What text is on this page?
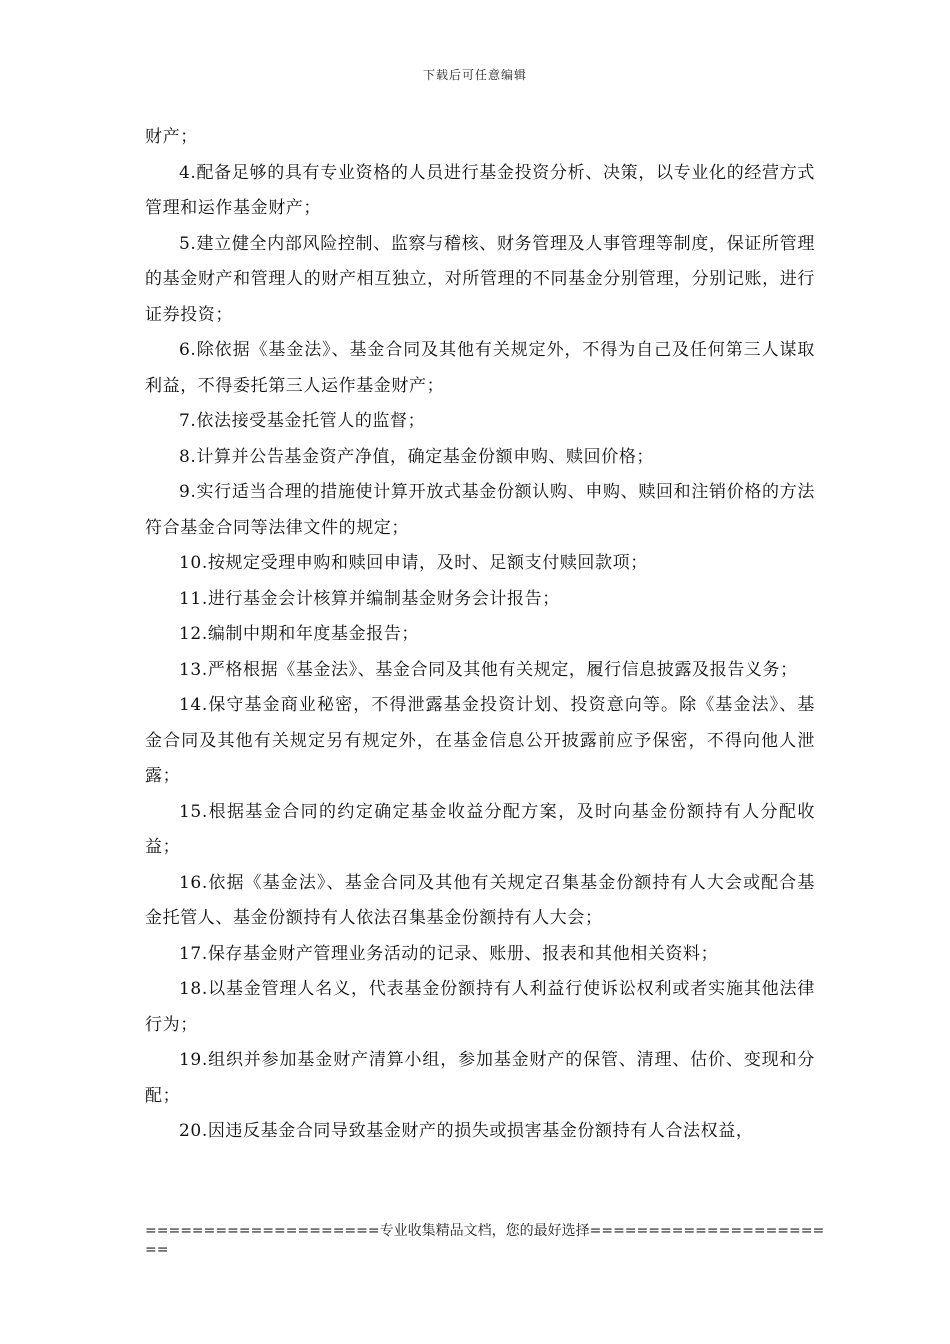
下载后可任意编辑

财产；

4.配备足够的具有专业资格的人员进行基金投资分析、决策，以专业化的经营方式管理和运作基金财产；

5.建立健全内部风险控制、监察与稽核、财务管理及人事管理等制度，保证所管理的基金财产和管理人的财产相互独立，对所管理的不同基金分别管理，分别记账，进行证券投资；

6.除依据《基金法》、基金合同及其他有关规定外，不得为自己及任何第三人谋取利益，不得委托第三人运作基金财产；

7.依法接受基金托管人的监督；

8.计算并公告基金资产净值，确定基金份额申购、赎回价格；

9.实行适当合理的措施使计算开放式基金份额认购、申购、赎回和注销价格的方法符合基金合同等法律文件的规定；

10.按规定受理申购和赎回申请，及时、足额支付赎回款项；

11.进行基金会计核算并编制基金财务会计报告；

12.编制中期和年度基金报告；

13.严格根据《基金法》、基金合同及其他有关规定，履行信息披露及报告义务；

14.保守基金商业秘密，不得泄露基金投资计划、投资意向等。除《基金法》、基金合同及其他有关规定另有规定外，在基金信息公开披露前应予保密，不得向他人泄露；

15.根据基金合同的约定确定基金收益分配方案，及时向基金份额持有人分配收益；

16.依据《基金法》、基金合同及其他有关规定召集基金份额持有人大会或配合基金托管人、基金份额持有人依法召集基金份额持有人大会；

17.保存基金财产管理业务活动的记录、账册、报表和其他相关资料；

18.以基金管理人名义，代表基金份额持有人利益行使诉讼权利或者实施其他法律行为；

19.组织并参加基金财产清算小组，参加基金财产的保管、清理、估价、变现和分配；

20.因违反基金合同导致基金财产的损失或损害基金份额持有人合法权益，

====================专业收集精品文档，您的最好选择======================
